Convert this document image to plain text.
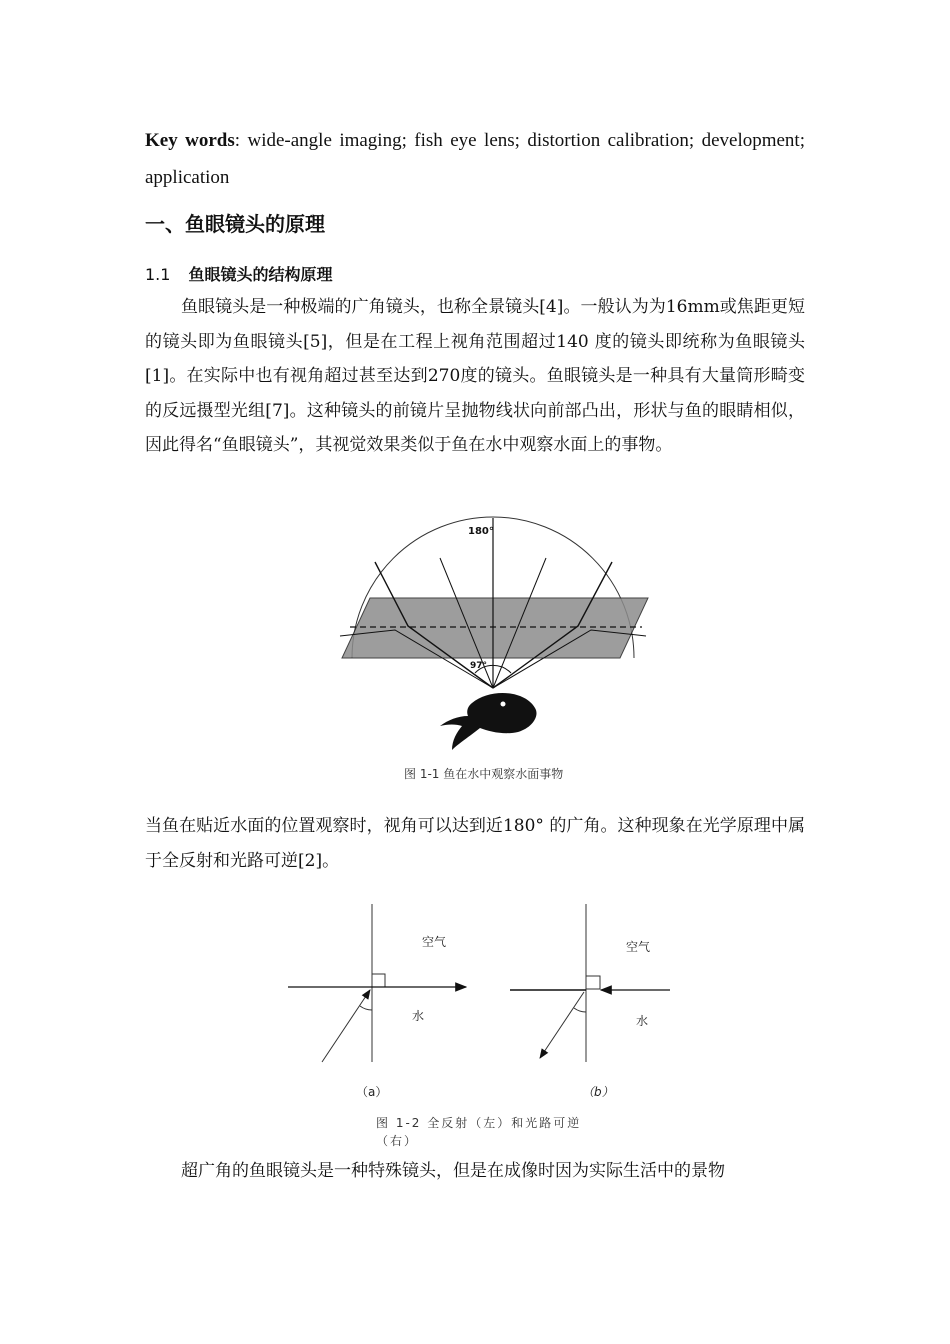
Key words: wide-angle imaging; fish eye lens; distortion calibration; development; application
一、鱼眼镜头的原理
1.1 鱼眼镜头的结构原理

鱼眼镜头是一种极端的广角镜头，也称全景镜头[4]。一般认为为16mm或焦距更短的镜头即为鱼眼镜头[5]，但是在工程上视角范围超过140 度的镜头即统称为鱼眼镜头[1]。在实际中也有视角超过甚至达到270度的镜头。鱼眼镜头是一种具有大量筒形畸变的反远摄型光组[7]。这种镜头的前镜片呈抛物线状向前部凸出，形状与鱼的眼睛相似，因此得名“鱼眼镜头”，其视觉效果类似于鱼在水中观察水面上的事物。

180°
97°
图 1-1 鱼在水中观察水面事物

当鱼在贴近水面的位置观察时，视角可以达到近180° 的广角。这种现象在光学原理中属于全反射和光路可逆[2]。

空气
水
（a）
空气
水
（b）
图 1-2 全反射（左）和光路可逆
（右）

超广角的鱼眼镜头是一种特殊镜头，但是在成像时因为实际生活中的景物
